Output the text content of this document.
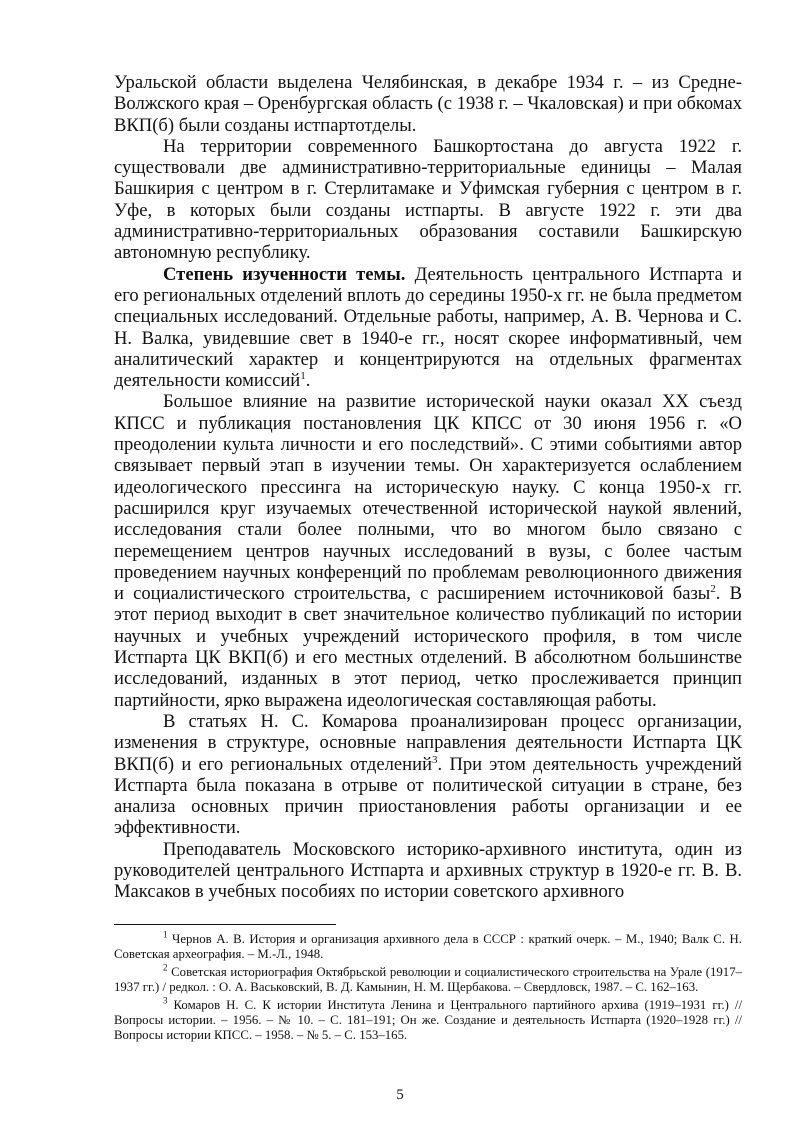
Уральской области выделена Челябинская, в декабре 1934 г. – из Средне-Волжского края – Оренбургская область (с 1938 г. – Чкаловская) и при обкомах ВКП(б) были созданы истпартотделы.

На территории современного Башкортостана до августа 1922 г. существовали две административно-территориальные единицы – Малая Башкирия с центром в г. Стерлитамаке и Уфимская губерния с центром в г. Уфе, в которых были созданы истпарты. В августе 1922 г. эти два административно-территориальных образования составили Башкирскую автономную республику.

Степень изученности темы. Деятельность центрального Истпарта и его региональных отделений вплоть до середины 1950-х гг. не была предметом специальных исследований. Отдельные работы, например, А. В. Чернова и С. Н. Валка, увидевшие свет в 1940-е гг., носят скорее информативный, чем аналитический характер и концентрируются на отдельных фрагментах деятельности комиссий$^1$.

Большое влияние на развитие исторической науки оказал XX съезд КПСС и публикация постановления ЦК КПСС от 30 июня 1956 г. «О преодолении культа личности и его последствий». С этими событиями автор связывает первый этап в изучении темы. Он характеризуется ослаблением идеологического прессинга на историческую науку. С конца 1950-х гг. расширился круг изучаемых отечественной исторической наукой явлений, исследования стали более полными, что во многом было связано с перемещением центров научных исследований в вузы, с более частым проведением научных конференций по проблемам революционного движения и социалистического строительства, с расширением источниковой базы$^2$. В этот период выходит в свет значительное количество публикаций по истории научных и учебных учреждений исторического профиля, в том числе Истпарта ЦК ВКП(б) и его местных отделений. В абсолютном большинстве исследований, изданных в этот период, четко прослеживается принцип партийности, ярко выражена идеологическая составляющая работы.

В статьях Н. С. Комарова проанализирован процесс организации, изменения в структуре, основные направления деятельности Истпарта ЦК ВКП(б) и его региональных отделений$^3$. При этом деятельность учреждений Истпарта была показана в отрыве от политической ситуации в стране, без анализа основных причин приостановления работы организации и ее эффективности.

Преподаватель Московского историко-архивного института, один из руководителей центрального Истпарта и архивных структур в 1920-е гг. В. В. Максаков в учебных пособиях по истории советского архивного

$^1$ Чернов А. В. История и организация архивного дела в СССР : краткий очерк. – М., 1940; Валк С. Н. Советская археография. – М.-Л., 1948.

$^2$ Советская историография Октябрьской революции и социалистического строительства на Урале (1917–1937 гг.) / редкол. : О. А. Васьковский, В. Д. Камынин, Н. М. Щербакова. – Свердловск, 1987. – С. 162–163.

$^3$ Комаров Н. С. К истории Института Ленина и Центрального партийного архива (1919–1931 гг.) // Вопросы истории. – 1956. – № 10. – С. 181–191; Он же. Создание и деятельность Истпарта (1920–1928 гг.) // Вопросы истории КПСС. – 1958. – № 5. – С. 153–165.

5
